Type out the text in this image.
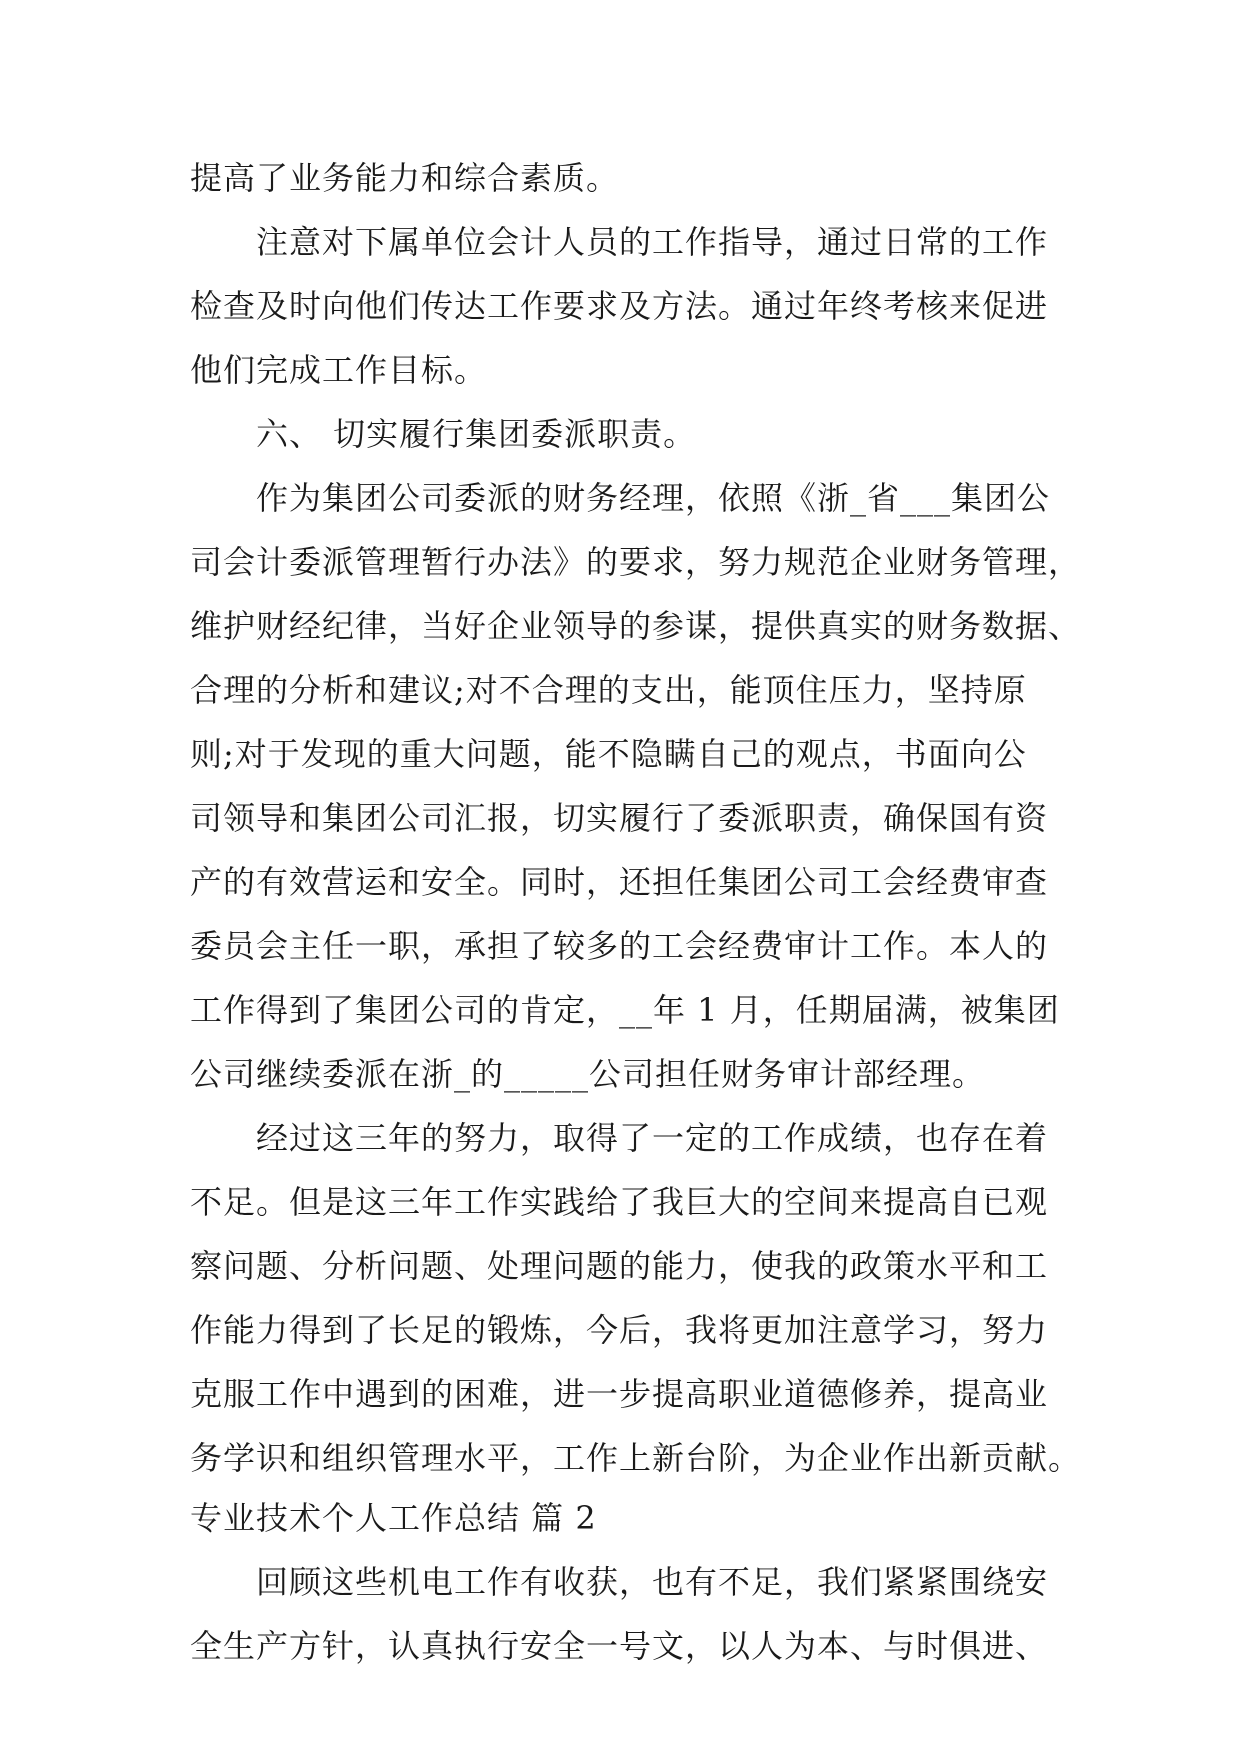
提高了业务能力和综合素质。
注意对下属单位会计人员的工作指导，通过日常的工作
检查及时向他们传达工作要求及方法。通过年终考核来促进
他们完成工作目标。
六、 切实履行集团委派职责。
作为集团公司委派的财务经理，依照《浙_省___集团公
司会计委派管理暂行办法》的要求，努力规范企业财务管理，
维护财经纪律，当好企业领导的参谋，提供真实的财务数据、
合理的分析和建议;对不合理的支出，能顶住压力，坚持原
则;对于发现的重大问题，能不隐瞒自己的观点，书面向公
司领导和集团公司汇报，切实履行了委派职责，确保国有资
产的有效营运和安全。同时，还担任集团公司工会经费审查
委员会主任一职，承担了较多的工会经费审计工作。本人的
工作得到了集团公司的肯定，__年 1 月，任期届满，被集团
公司继续委派在浙_的_____公司担任财务审计部经理。
经过这三年的努力，取得了一定的工作成绩，也存在着
不足。但是这三年工作实践给了我巨大的空间来提高自已观
察问题、分析问题、处理问题的能力，使我的政策水平和工
作能力得到了长足的锻炼，今后，我将更加注意学习，努力
克服工作中遇到的困难，进一步提高职业道德修养，提高业
务学识和组织管理水平，工作上新台阶，为企业作出新贡献。
专业技术个人工作总结 篇 2
回顾这些机电工作有收获，也有不足，我们紧紧围绕安
全生产方针，认真执行安全一号文，以人为本、与时俱进、
